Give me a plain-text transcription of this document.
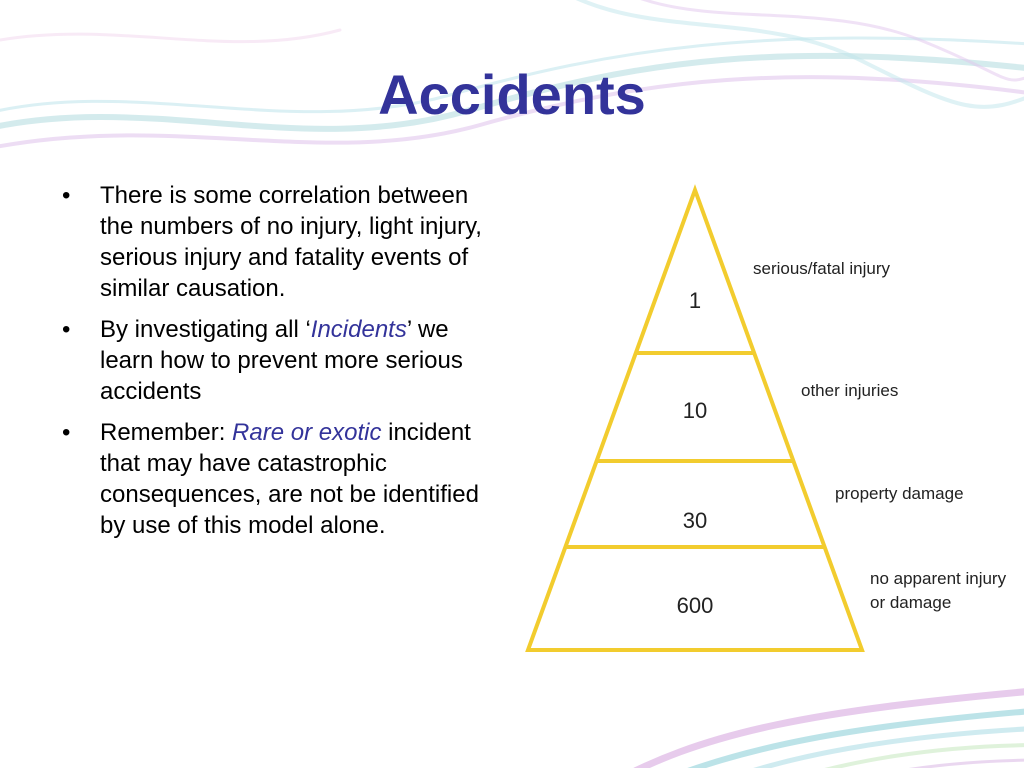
Accidents
• There is some correlation between the numbers of no injury, light injury, serious injury and fatality events of similar causation.
• By investigating all ‘Incidents’ we learn how to prevent more serious accidents
• Remember: Rare or exotic incident that may have catastrophic consequences, are not be identified by use of this model alone.
1
10
30
600
serious/fatal injury
other injuries
property damage
no apparent injury
or damage
